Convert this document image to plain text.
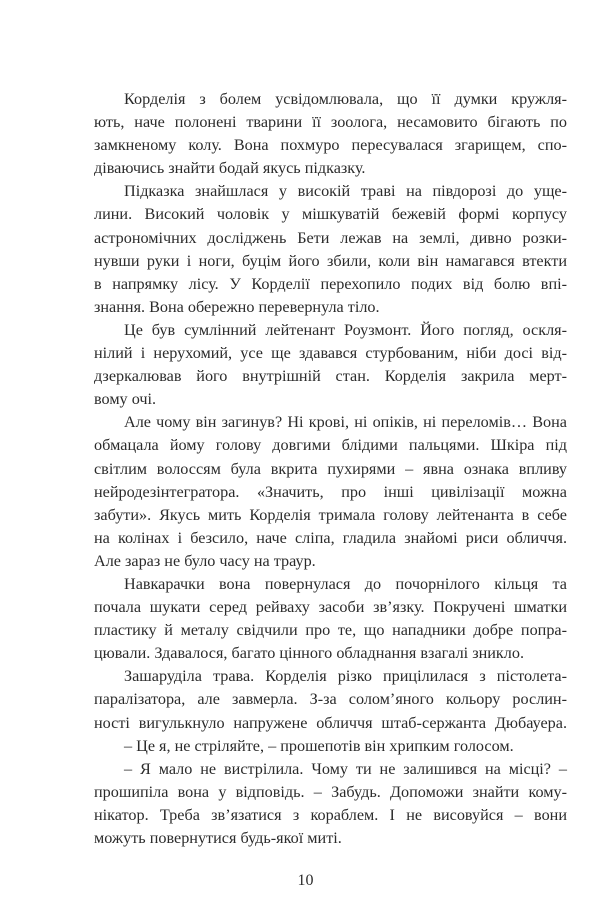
Корделія з болем усвідомлювала, що її думки кружля-
ють, наче полонені тварини її зоолога, несамовито бігають по
замкненому колу. Вона похмуро пересувалася згарищем, спо-
діваючись знайти бодай якусь підказку.
Підказка знайшлася у високій траві на півдорозі до уще-
лини. Високий чоловік у мішкуватій бежевій формі корпусу
астрономічних досліджень Бети лежав на землі, дивно розки-
нувши руки і ноги, буцім його збили, коли він намагався втекти
в напрямку лісу. У Корделії перехопило подих від болю впі-
знання. Вона обережно перевернула тіло.
Це був сумлінний лейтенант Роузмонт. Його погляд, оскля-
нілий і нерухомий, усе ще здавався стурбованим, ніби досі від-
дзеркалював його внутрішній стан. Корделія закрила мерт-
вому очі.
Але чому він загинув? Ні крові, ні опіків, ні переломів… Вона
обмацала йому голову довгими блідими пальцями. Шкіра під
світлим волоссям була вкрита пухирями – явна ознака впливу
нейродезінтегратора. «Значить, про інші цивілізації можна
забути». Якусь мить Корделія тримала голову лейтенанта в себе
на колінах і безсило, наче сліпа, гладила знайомі риси обличчя.
Але зараз не було часу на траур.
Навкарачки вона повернулася до почорнілого кільця та
почала шукати серед рейваху засоби зв’язку. Покручені шматки
пластику й металу свідчили про те, що нападники добре попра-
цювали. Здавалося, багато цінного обладнання взагалі зникло.
Зашаруділа трава. Корделія різко прицілилася з пістолета-
паралізатора, але завмерла. З-за солом’яного кольору рослин-
ності вигулькнуло напружене обличчя штаб-сержанта Дюбауера.
– Це я, не стріляйте, – прошепотів він хрипким голосом.
– Я мало не вистрілила. Чому ти не залишився на місці? –
прошипіла вона у відповідь. – Забудь. Допоможи знайти кому-
нікатор. Треба зв’язатися з кораблем. І не висовуйся – вони
можуть повернутися будь-якої миті.
10
